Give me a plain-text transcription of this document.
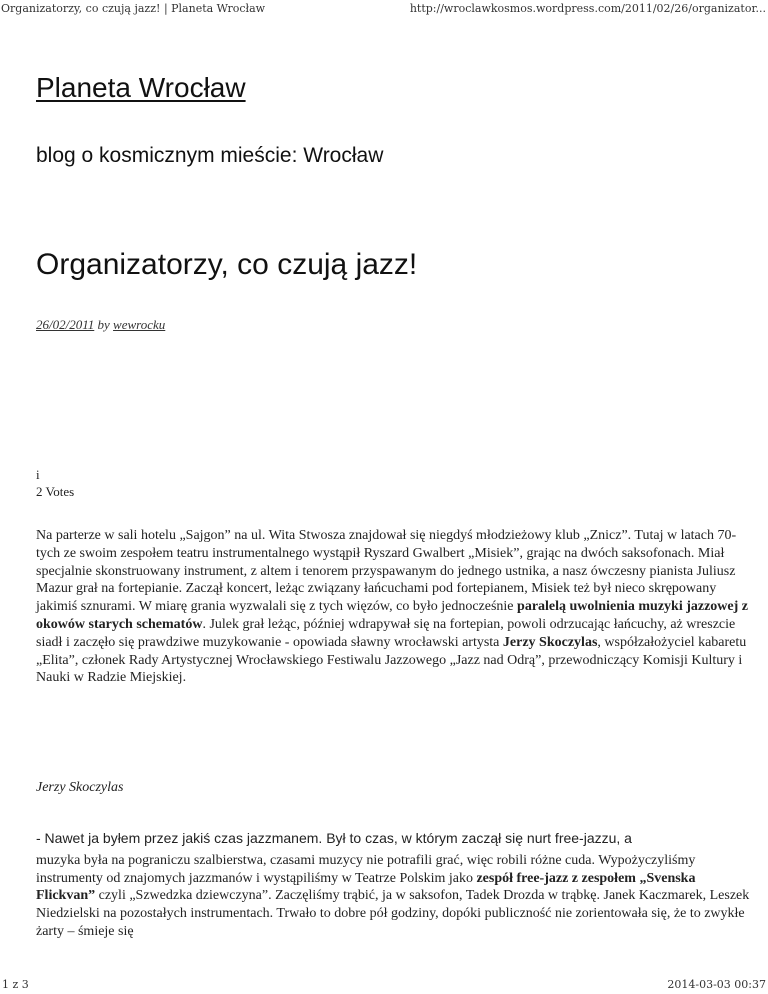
Organizatorzy, co czują jazz! | Planeta Wrocław	http://wroclawkosmos.wordpress.com/2011/02/26/organizator...
Planeta Wrocław
blog o kosmicznym mieście: Wrocław
Organizatorzy, co czują jazz!
26/02/2011 by wewrocku
i
2 Votes
Na parterze w sali hotelu „Sajgon” na ul. Wita Stwosza znajdował się niegdyś młodzieżowy klub „Znicz”. Tutaj w latach 70-tych ze swoim zespołem teatru instrumentalnego wystąpił Ryszard Gwalbert „Misiek”, grając na dwóch saksofonach. Miał specjalnie skonstruowany instrument, z altem i tenorem przyspawanym do jednego ustnika, a nasz ówczesny pianista Juliusz Mazur grał na fortepianie. Zaczął koncert, leżąc związany łańcuchami pod fortepianem, Misiek też był nieco skrępowany jakimiś sznurami. W miarę grania wyzwalali się z tych więzów, co było jednocześnie paralelą uwolnienia muzyki jazzowej z okowów starych schematów. Julek grał leżąc, później wdrapywał się na fortepian, powoli odrzucając łańcuchy, aż wreszcie siadł i zaczęło się prawdziwe muzykowanie - opowiada sławny wrocławski artysta Jerzy Skoczylas, współzałożyciel kabaretu „Elita”, członek Rady Artystycznej Wrocławskiego Festiwalu Jazzowego „Jazz nad Odrą”, przewodniczący Komisji Kultury i Nauki w Radzie Miejskiej.
Jerzy Skoczylas
- Nawet ja byłem przez jakiś czas jazzmanem. Był to czas, w którym zaczął się nurt free-jazzu, a
muzyka była na pograniczu szalbierstwa, czasami muzycy nie potrafili grać, więc robili różne cuda. Wypożyczyliśmy instrumenty od znajomych jazzmanów i wystąpiliśmy w Teatrze Polskim jako zespół free-jazz z zespołem „Svenska Flickvan” czyli „Szwedzka dziewczyna”. Zaczęliśmy trąbić, ja w saksofon, Tadek Drozda w trąbkę. Janek Kaczmarek, Leszek Niedzielski na pozostałych instrumentach. Trwało to dobre pół godziny, dopóki publiczność nie zorientowała się, że to zwykłe żarty – śmieje się
1 z 3	2014-03-03 00:37
